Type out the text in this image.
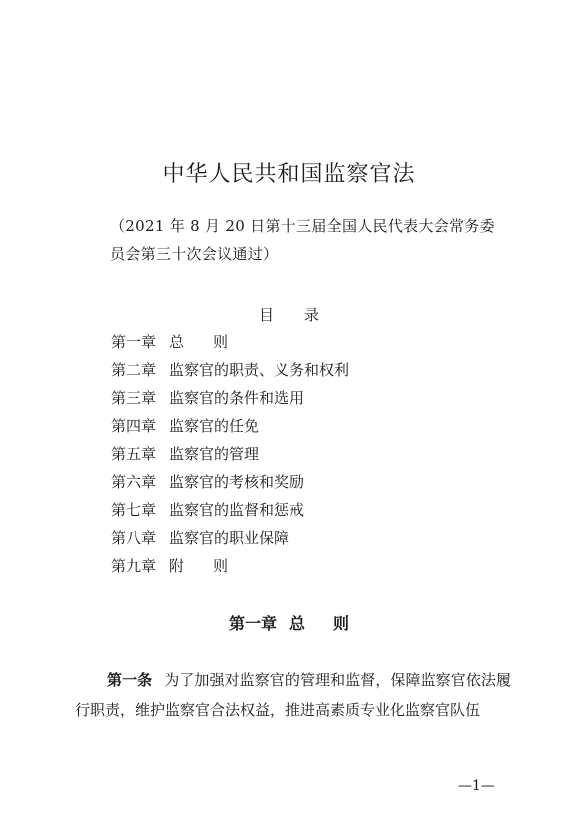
中华人民共和国监察官法
（2021 年 8 月 20 日第十三届全国人民代表大会常务委员会第三十次会议通过）
目 录
第一章 总则
第二章 监察官的职责、义务和权利
第三章 监察官的条件和选用
第四章 监察官的任免
第五章 监察官的管理
第六章 监察官的考核和奖励
第七章 监察官的监督和惩戒
第八章 监察官的职业保障
第九章 附则
第一章 总则

第一条 为了加强对监察官的管理和监督，保障监察官依法履行职责，维护监察官合法权益，推进高素质专业化监察官队伍

—1—
